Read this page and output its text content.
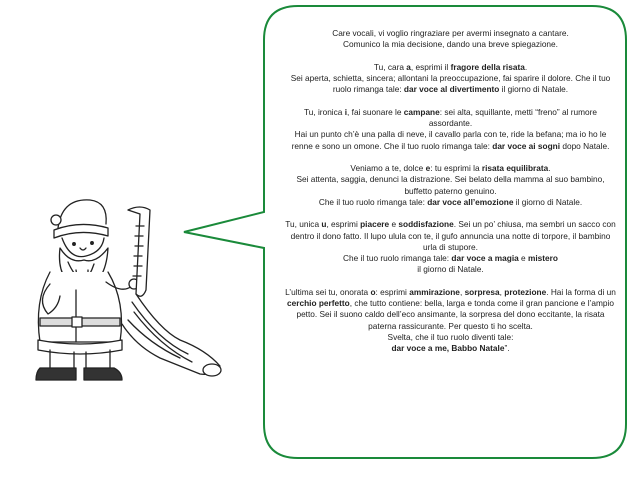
Care vocali, vi voglio ringraziare per avermi insegnato a cantare.
Comunico la mia decisione, dando una breve spiegazione.

Tu, cara a, esprimi il fragore della risata.
Sei aperta, schietta, sincera; allontani la preoccupazione, fai sparire il dolore. Che il tuo ruolo rimanga tale: dar voce al divertimento il giorno di Natale.

Tu, ironica i, fai suonare le campane: sei alta, squillante, metti “freno” al rumore assordante.
Hai un punto ch’è una palla di neve, il cavallo parla con te, ride la befana; ma io ho le renne e sono un omone. Che il tuo ruolo rimanga tale: dar voce ai sogni dopo Natale.

Veniamo a te, dolce e: tu esprimi la risata equilibrata.
Sei attenta, saggia, denunci la distrazione. Sei belato della mamma al suo bambino, buffetto paterno genuino.
Che il tuo ruolo rimanga tale: dar voce all’emozione il giorno di Natale.

Tu, unica u, esprimi piacere e soddisfazione. Sei un po’ chiusa, ma sembri un sacco con dentro il dono fatto. Il lupo ulula con te, il gufo annuncia una notte di torpore, il bambino urla di stupore.
Che il tuo ruolo rimanga tale: dar voce a magia e mistero
il giorno di Natale.

L’ultima sei tu, onorata o: esprimi ammirazione, sorpresa, protezione. Hai la forma di un cerchio perfetto, che tutto contiene: bella, larga e tonda come il gran pancione e l’ampio petto. Sei il suono caldo dell’eco ansimante, la sorpresa del dono eccitante, la risata paterna rassicurante. Per questo ti ho scelta.
Svelta, che il tuo ruolo diventi tale:
dar voce a me, Babbo Natale”.
